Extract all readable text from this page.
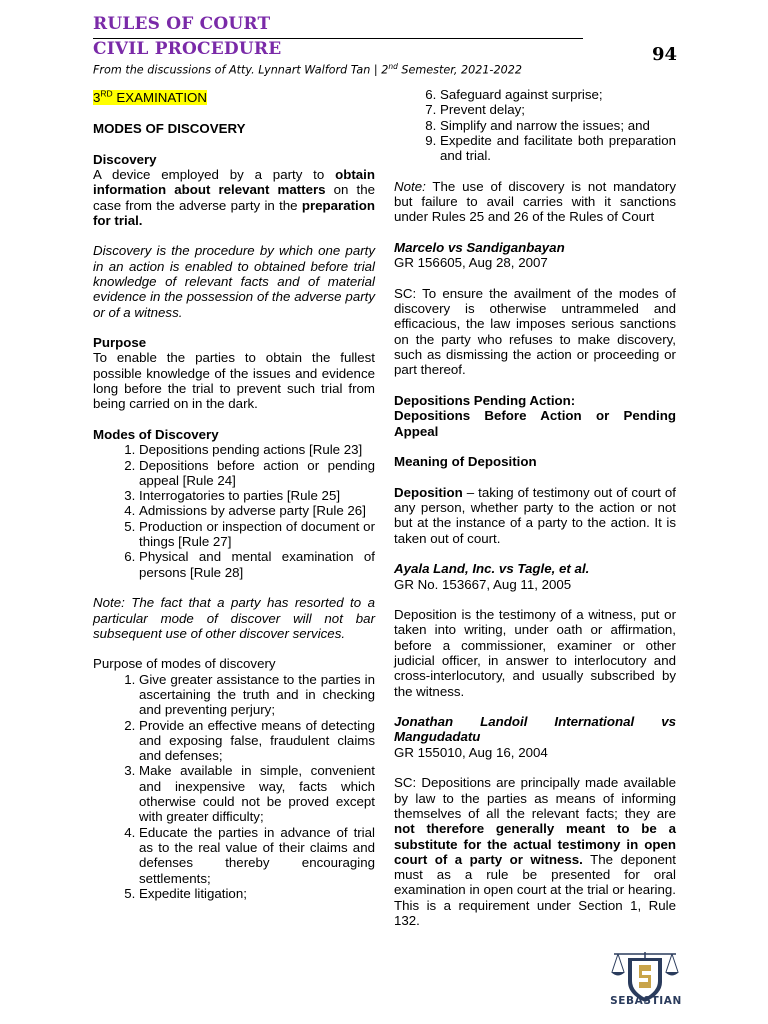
RULES OF COURT
CIVIL PROCEDURE
From the discussions of Atty. Lynnart Walford Tan | 2nd Semester, 2021-2022
94

3RD EXAMINATION

MODES OF DISCOVERY

Discovery

A device employed by a party to obtain information about relevant matters on the case from the adverse party in the preparation for trial.

Discovery is the procedure by which one party in an action is enabled to obtained before trial knowledge of relevant facts and of material evidence in the possession of the adverse party or of a witness.

Purpose

To enable the parties to obtain the fullest possible knowledge of the issues and evidence long before the trial to prevent such trial from being carried on in the dark.

Modes of Discovery

1. Depositions pending actions [Rule 23]
2. Depositions before action or pending appeal [Rule 24]
3. Interrogatories to parties [Rule 25]
4. Admissions by adverse party [Rule 26]
5. Production or inspection of document or things [Rule 27]
6. Physical and mental examination of persons [Rule 28]

Note: The fact that a party has resorted to a particular mode of discover will not bar subsequent use of other discover services.

Purpose of modes of discovery

1. Give greater assistance to the parties in ascertaining the truth and in checking and preventing perjury;
2. Provide an effective means of detecting and exposing false, fraudulent claims and defenses;
3. Make available in simple, convenient and inexpensive way, facts which otherwise could not be proved except with greater difficulty;
4. Educate the parties in advance of trial as to the real value of their claims and defenses thereby encouraging settlements;
5. Expedite litigation;
6. Safeguard against surprise;
7. Prevent delay;
8. Simplify and narrow the issues; and
9. Expedite and facilitate both preparation and trial.

Note: The use of discovery is not mandatory but failure to avail carries with it sanctions under Rules 25 and 26 of the Rules of Court

Marcelo vs Sandiganbayan

GR 156605, Aug 28, 2007

SC: To ensure the availment of the modes of discovery is otherwise untrammeled and efficacious, the law imposes serious sanctions on the party who refuses to make discovery, such as dismissing the action or proceeding or part thereof.

Depositions Pending Action:

Depositions Before Action or Pending Appeal

Meaning of Deposition

Deposition – taking of testimony out of court of any person, whether party to the action or not but at the instance of a party to the action. It is taken out of court.

Ayala Land, Inc. vs Tagle, et al.

GR No. 153667, Aug 11, 2005

Deposition is the testimony of a witness, put or taken into writing, under oath or affirmation, before a commissioner, examiner or other judicial officer, in answer to interlocutory and cross-interlocutory, and usually subscribed by the witness.

Jonathan Landoil International vs Mangudadatu

GR 155010, Aug 16, 2004

SC: Depositions are principally made available by law to the parties as means of informing themselves of all the relevant facts; they are not therefore generally meant to be a substitute for the actual testimony in open court of a party or witness. The deponent must as a rule be presented for oral examination in open court at the trial or hearing. This is a requirement under Section 1, Rule 132.

SEBASTIAN
